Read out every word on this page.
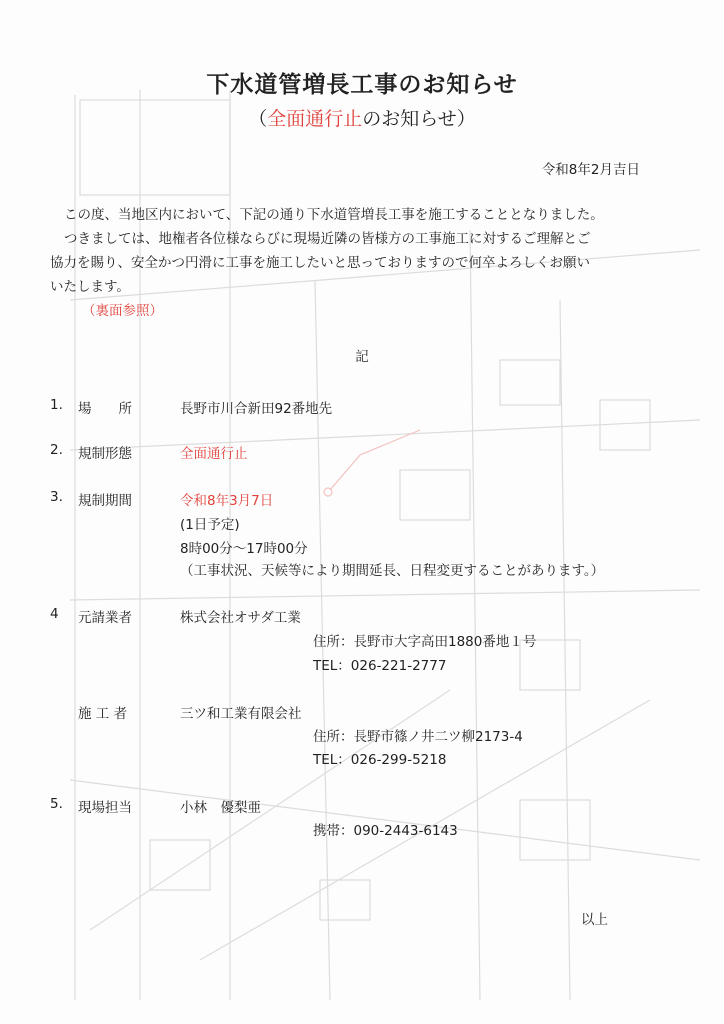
下水道管増長工事のお知らせ
（全面通行止のお知らせ）
令和8年2月吉日
この度、当地区内において、下記の通り下水道管増長工事を施工することとなりました。
つきましては、地権者各位様ならびに現場近隣の皆様方の工事施工に対するご理解とご
協力を賜り、安全かつ円滑に工事を施工したいと思っておりますので何卒よろしくお願い
いたします。
（裏面参照）
記
1. 場　　所	長野市川合新田92番地先
2. 規制形態	全面通行止
3. 規制期間	令和8年3月7日
(1日予定)
8時00分～17時00分
（工事状況、天候等により期間延長、日程変更することがあります。）
4 元請業者	株式会社オサダ工業
住所：長野市大字高田1880番地１号
TEL：026-221-2777
施 工 者	三ツ和工業有限会社
住所：長野市篠ノ井二ツ柳2173-4
TEL：026-299-5218
5. 現場担当	小林　優梨亜
携帯：090-2443-6143
以上
